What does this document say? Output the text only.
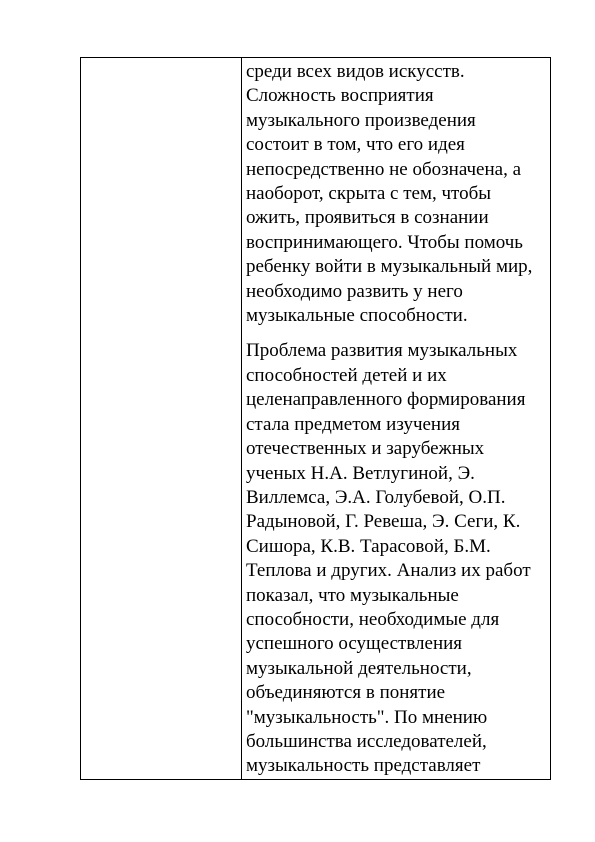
среди всех видов искусств.
Сложность восприятия
музыкального произведения
состоит в том, что его идея
непосредственно не обозначена, а
наоборот, скрыта с тем, чтобы
ожить, проявиться в сознании
воспринимающего. Чтобы помочь
ребенку войти в музыкальный мир,
необходимо развить у него
музыкальные способности.

Проблема развития музыкальных
способностей детей и их
целенаправленного формирования
стала предметом изучения
отечественных и зарубежных
ученых Н.А. Ветлугиной, Э.
Виллемса, Э.А. Голубевой, О.П.
Радыновой, Г. Ревеша, Э. Сеги, К.
Сишора, К.В. Тарасовой, Б.М.
Теплова и других. Анализ их работ
показал, что музыкальные
способности, необходимые для
успешного осуществления
музыкальной деятельности,
объединяются в понятие
"музыкальность". По мнению
большинства исследователей,
музыкальность представляет
